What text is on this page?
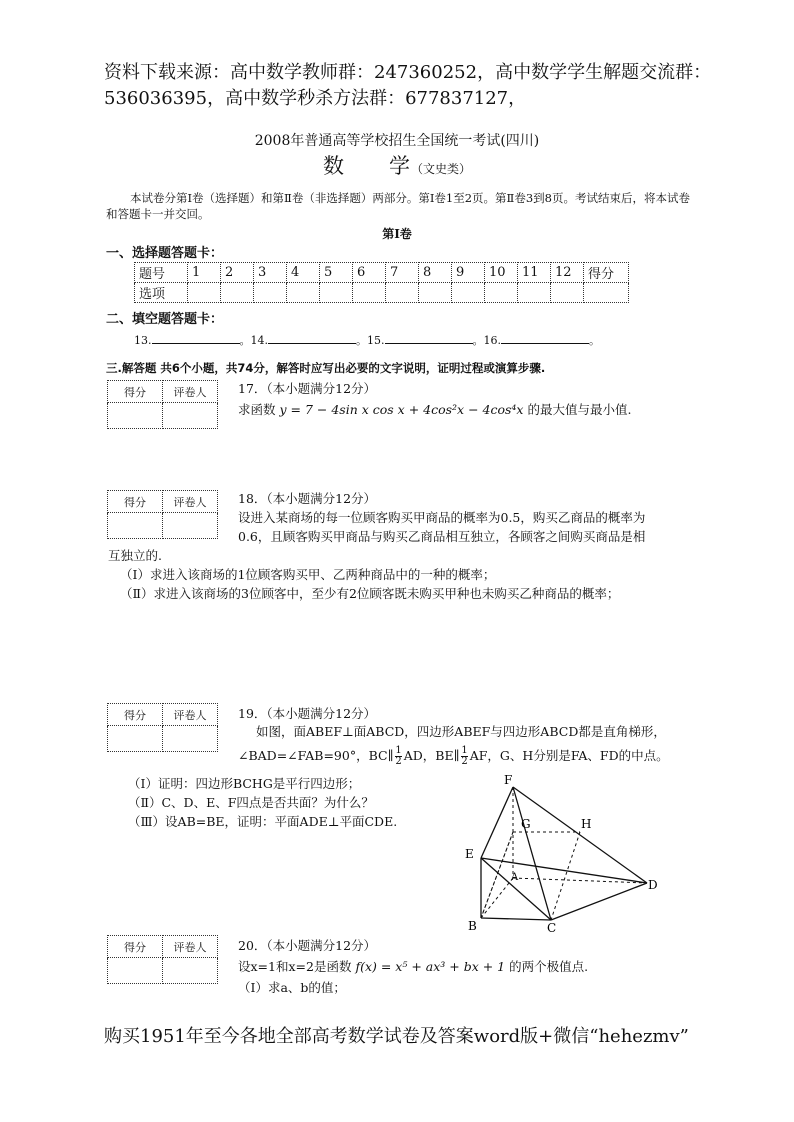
资料下载来源：高中数学教师群：247360252，高中数学学生解题交流群：
536036395，高中数学秒杀方法群：677837127，
2008年普通高等学校招生全国统一考试(四川)
数　　学（文史类）
本试卷分第Ⅰ卷（选择题）和第Ⅱ卷（非选择题）两部分。第Ⅰ卷1至2页。第Ⅱ卷3到8页。考试结束后，将本试卷和答题卡一并交回。
第Ⅰ卷
一、选择题答题卡：
题号	1	2	3	4	5	6	7	8	9	10	11	12	得分
选项													
二、填空题答题卡：
13.	。14.	。15.	。16.	。
三.解答题 共6个小题，共74分，解答时应写出必要的文字说明，证明过程或演算步骤.
得分	评卷人
		17．（本小题满分12分）
求函数 y = 7 − 4sin x cos x + 4cos²x − 4cos⁴x 的最大值与最小值.
得分	评卷人
		18．（本小题满分12分）
设进入某商场的每一位顾客购买甲商品的概率为0.5，购买乙商品的概率为
0.6，且顾客购买甲商品与购买乙商品相互独立，各顾客之间购买商品是相
互独立的.
（Ⅰ）求进入该商场的1位顾客购买甲、乙两种商品中的一种的概率；
（Ⅱ）求进入该商场的3位顾客中，至少有2位顾客既未购买甲种也未购买乙种商品的概率；
得分	评卷人
		19．（本小题满分12分）
如图，面ABEF⊥面ABCD，四边形ABEF与四边形ABCD都是直角梯形，
∠BAD=∠FAB=90°，BC∥ $\frac{1}{2}$ AD，BE∥ $\frac{1}{2}$ AF，G、H分别是FA、FD的中点。
（Ⅰ）证明：四边形BCHG是平行四边形；
（Ⅱ）C、D、E、F四点是否共面？为什么？
（Ⅲ）设AB=BE，证明：平面ADE⊥平面CDE.
F
G	H
E
A
D
B	C
得分	评卷人
		20．（本小题满分12分）
设x=1和x=2是函数 f(x) = x⁵ + ax³ + bx + 1 的两个极值点.
（Ⅰ）求a、b的值；
购买1951年至今各地全部高考数学试卷及答案word版+微信“hehezmv”
